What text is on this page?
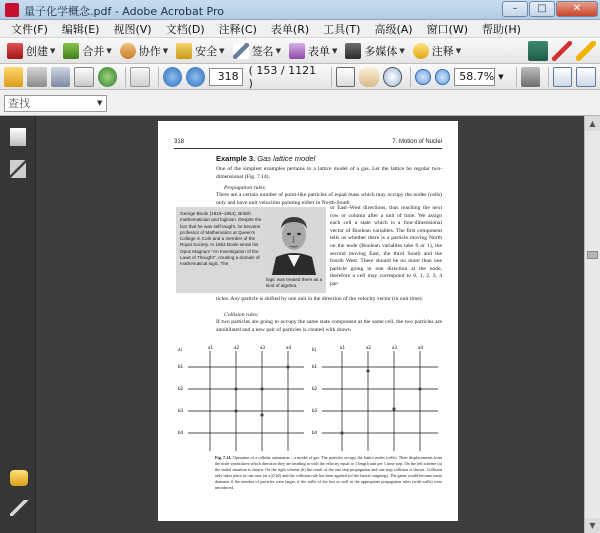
量子化学概念.pdf - Adobe Acrobat Pro	–	□	✕
文件(F)	编辑(E)	视图(V)	文档(D)	注释(C)	表单(R)	工具(T)	高级(A)	窗口(W)	帮助(H)
创建 ▼ 合并 ▼ 协作 ▼ 安全 ▼ 签名 ▼ 表单 ▼ 多媒体 ▼ 注释 ▼
318 ( 153 / 1121 )
58.7% ▼
查找	▼
▲
▼
318	7. Motion of Nuclei
Example 3. Gas lattice model
One of the simplest examples pertains to a lattice model of a gas. Let the lattice be regular two-dimensional (Fig. 7.14).
Propagation rules:
There are a certain number of point-like particles of equal mass which may occupy the nodes (cells) only and have unit velocities pointing either in North-South
or East–West directions, thus reaching the next row or column after a unit of time. We assign each cell a state which is a four-dimensional vector of Boolean variables. The first component tells us whether there is a particle moving North on the node (Boolean variables take 0 or 1), the second moving East, the third South and the fourth West. There should be no more than one particle going in one direction at the node, therefore a cell may correspond to 0, 1, 2, 3, 4 par-
George Boole (1815–1864), British mathematician and logician. Despite the fact that he was self-taught, he became professor of Mathematics at Queen's College in Cork and a member of the Royal Society. In 1854 Boole wrote his Opus Magnum "An Investigation of the Laws of Thought", creating a domain of mathematical logic. The
logic was treated there as a kind of algebra.
ticles. Any particle is shifted by one unit in the direction of the velocity vector (in unit time).
Collision rules:
If two particles are going to occupy the same state component at the same cell, the two particles are annihilated and a new pair of particles is created with drawn
a)	b)
a1	a2	a3	a4
b1
b2
b3
b4
a1	a2	a3	a4
b1
b2
b3
b4
Fig. 7.14. Operation of a cellular automaton – a model of gas. The particles occupy the lattice nodes (cells). Their displacements from the node symbolizes which direction they are heading in with the velocity equal to 1 length unit per 1 time step. On the left scheme (a) the initial situation is shown. On the right scheme (b) the result of the one step propagation and one step collision is shown. Collision only takes place in one case (at a j0 b2) and the collision rule has been applied (of the lateral outgoing). The game would become more dramatic if the number of particles were larger, if the walls of the box as well as the appropriate propagation rules (with walls) were introduced.
